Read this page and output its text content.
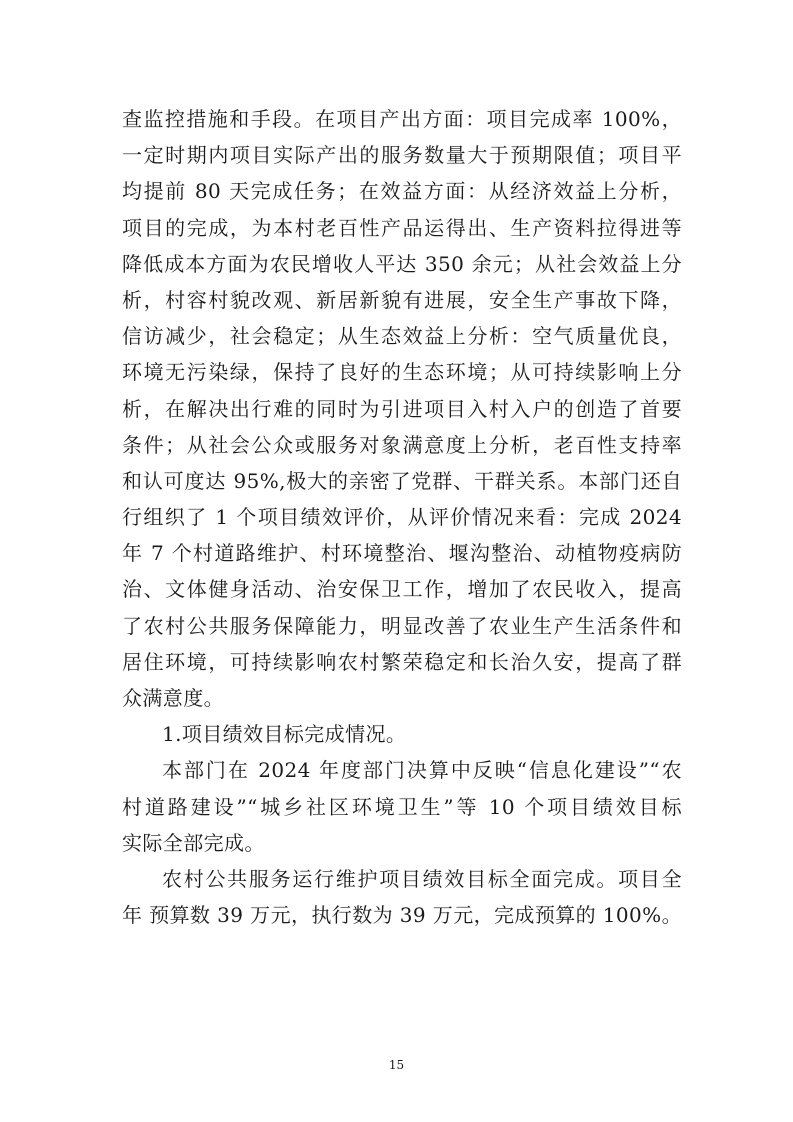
查监控措施和手段。在项目产出方面：项目完成率 100%，
一定时期内项目实际产出的服务数量大于预期限值；项目平
均提前 80 天完成任务；在效益方面：从经济效益上分析，
项目的完成，为本村老百性产品运得出、生产资料拉得进等
降低成本方面为农民增收人平达 350 余元；从社会效益上分
析，村容村貌改观、新居新貌有进展，安全生产事故下降，
信访减少，社会稳定；从生态效益上分析：空气质量优良，
环境无污染绿，保持了良好的生态环境；从可持续影响上分
析，在解决出行难的同时为引进项目入村入户的创造了首要
条件；从社会公众或服务对象满意度上分析，老百性支持率
和认可度达 95%,极大的亲密了党群、干群关系。本部门还自
行组织了 1 个项目绩效评价，从评价情况来看：完成 2024
年 7 个村道路维护、村环境整治、堰沟整治、动植物疫病防
治、文体健身活动、治安保卫工作，增加了农民收入，提高
了农村公共服务保障能力，明显改善了农业生产生活条件和
居住环境，可持续影响农村繁荣稳定和长治久安，提高了群
众满意度。
1.项目绩效目标完成情况。
本部门在 2024 年度部门决算中反映“信息化建设”“农
村道路建设”“城乡社区环境卫生”等 10 个项目绩效目标
实际全部完成。
农村公共服务运行维护项目绩效目标全面完成。项目全
年 预算数 39 万元，执行数为 39 万元，完成预算的 100%。
15
